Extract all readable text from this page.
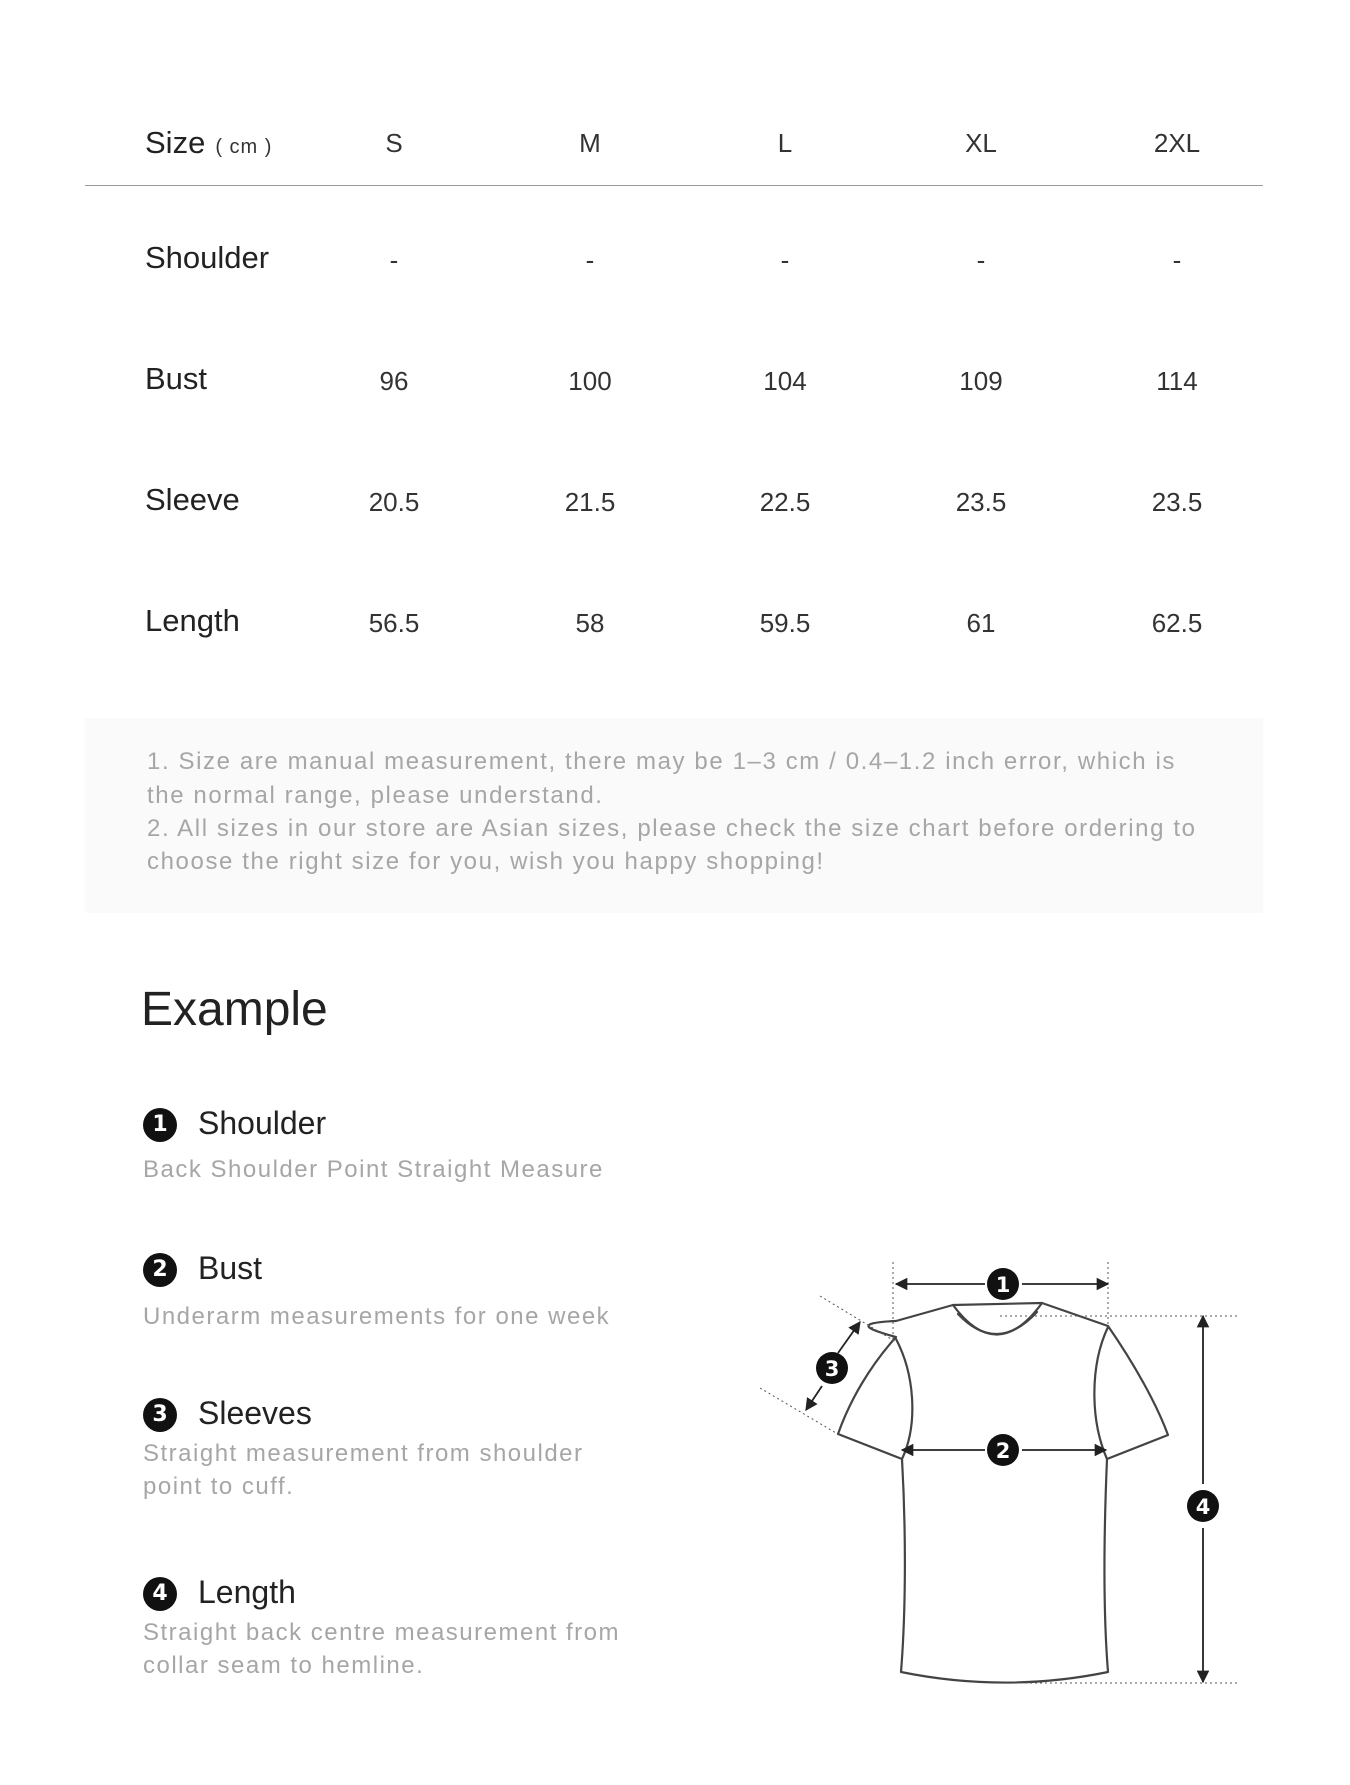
Size ( cm )	S	M	L	XL	2XL
Shoulder	-	-	-	-	-
Bust	96	100	104	109	114
Sleeve	20.5	21.5	22.5	23.5	23.5
Length	56.5	58	59.5	61	62.5
1. Size are manual measurement, there may be 1–3 cm / 0.4–1.2 inch error, which is
the normal range, please understand.
2. All sizes in our store are Asian sizes, please check the size chart before ordering to
choose the right size for you, wish you happy shopping!
Example
1 Shoulder
Back Shoulder Point Straight Measure
2 Bust
Underarm measurements for one week
3 Sleeves
Straight measurement from shoulder point to cuff.
4 Length
Straight back centre measurement from collar seam to hemline.
1
2
3
4
